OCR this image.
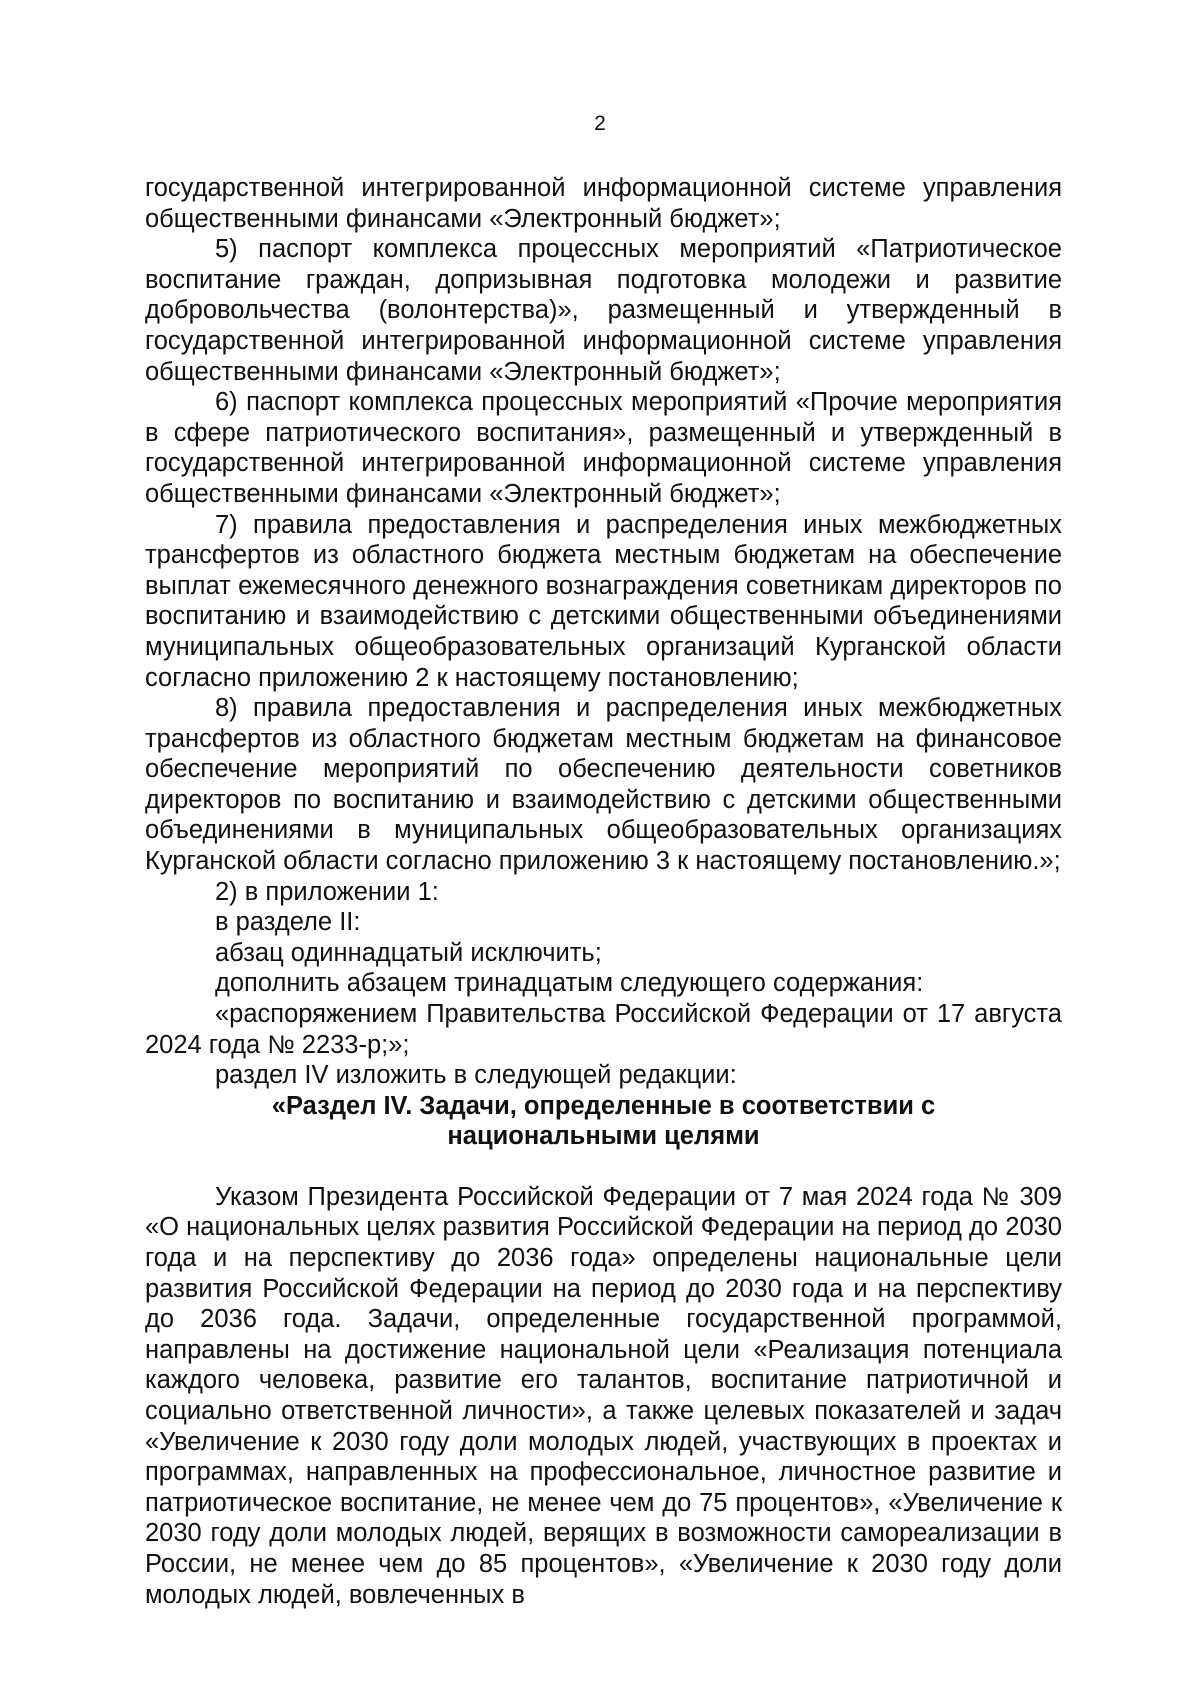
2

государственной интегрированной информационной системе управления общественными финансами «Электронный бюджет»;

5) паспорт комплекса процессных мероприятий «Патриотическое воспитание граждан, допризывная подготовка молодежи и развитие добровольчества (волонтерства)», размещенный и утвержденный в государственной интегрированной информационной системе управления общественными финансами «Электронный бюджет»;

6) паспорт комплекса процессных мероприятий «Прочие мероприятия в сфере патриотического воспитания», размещенный и утвержденный в государственной интегрированной информационной системе управления общественными финансами «Электронный бюджет»;

7) правила предоставления и распределения иных межбюджетных трансфертов из областного бюджета местным бюджетам на обеспечение выплат ежемесячного денежного вознаграждения советникам директоров по воспитанию и взаимодействию с детскими общественными объединениями муниципальных общеобразовательных организаций Курганской области согласно приложению 2 к настоящему постановлению;

8) правила предоставления и распределения иных межбюджетных трансфертов из областного бюджетам местным бюджетам на финансовое обеспечение мероприятий по обеспечению деятельности советников директоров по воспитанию и взаимодействию с детскими общественными объединениями в муниципальных общеобразовательных организациях Курганской области согласно приложению 3 к настоящему постановлению.»;

2) в приложении 1:

в разделе II:

абзац одиннадцатый исключить;

дополнить абзацем тринадцатым следующего содержания:

«распоряжением Правительства Российской Федерации от 17 августа 2024 года № 2233-р;»;

раздел IV изложить в следующей редакции:

«Раздел IV. Задачи, определенные в соответствии с национальными целями

Указом Президента Российской Федерации от 7 мая 2024 года № 309 «О национальных целях развития Российской Федерации на период до 2030 года и на перспективу до 2036 года» определены национальные цели развития Российской Федерации на период до 2030 года и на перспективу до 2036 года. Задачи, определенные государственной программой, направлены на достижение национальной цели «Реализация потенциала каждого человека, развитие его талантов, воспитание патриотичной и социально ответственной личности», а также целевых показателей и задач «Увеличение к 2030 году доли молодых людей, участвующих в проектах и программах, направленных на профессиональное, личностное развитие и патриотическое воспитание, не менее чем до 75 процентов», «Увеличение к 2030 году доли молодых людей, верящих в возможности самореализации в России, не менее чем до 85 процентов», «Увеличение к 2030 году доли молодых людей, вовлеченных в
